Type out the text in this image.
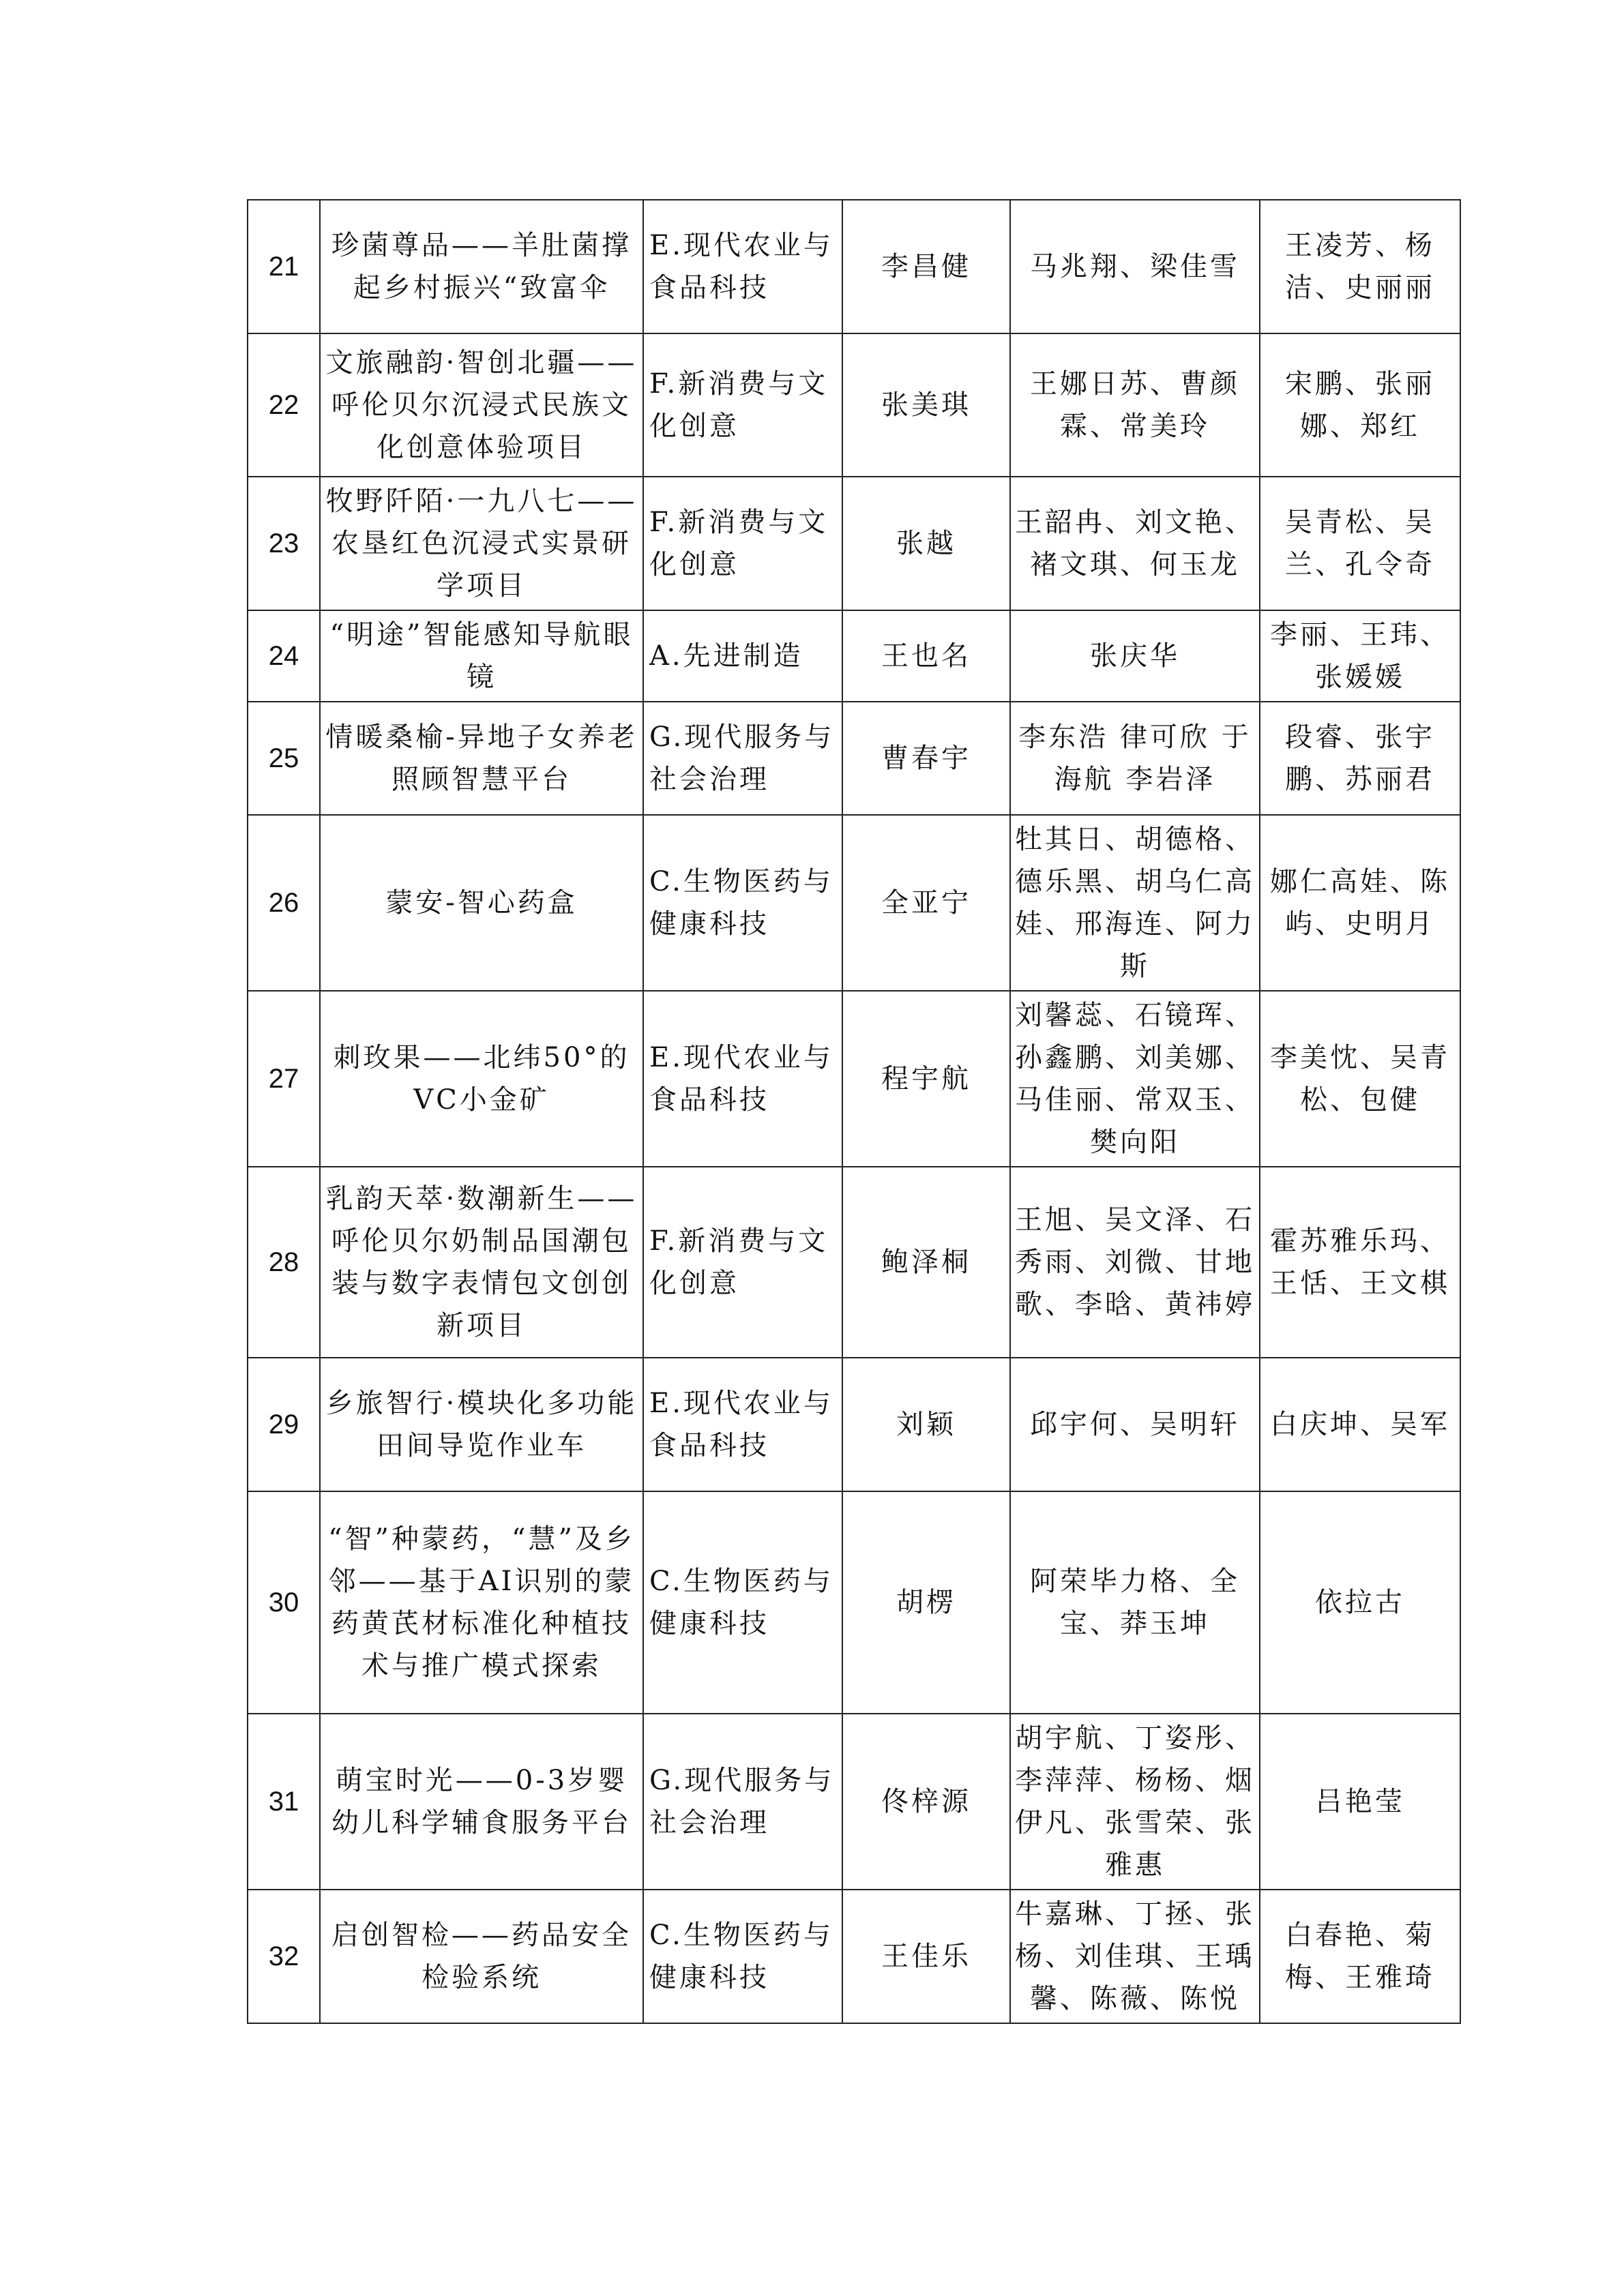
21	珍菌尊品——羊肚菌撑起乡村振兴“致富伞	E.现代农业与食品科技	李昌健	马兆翔、梁佳雪	王凌芳、杨洁、史丽丽
22	文旅融韵·智创北疆——呼伦贝尔沉浸式民族文化创意体验项目	F.新消费与文化创意	张美琪	王娜日苏、曹颜霖、常美玲	宋鹏、张丽娜、郑红
23	牧野阡陌·一九八七——农垦红色沉浸式实景研学项目	F.新消费与文化创意	张越	王韶冉、刘文艳、褚文琪、何玉龙	吴青松、吴兰、孔令奇
24	“明途”智能感知导航眼镜	A.先进制造	王也名	张庆华	李丽、王玮、张媛媛
25	情暖桑榆-异地子女养老照顾智慧平台	G.现代服务与社会治理	曹春宇	李东浩 律可欣 于海航 李岩泽	段睿、张宇鹏、苏丽君
26	蒙安-智心药盒	C.生物医药与健康科技	全亚宁	牡其日、胡德格、德乐黑、胡乌仁高娃、邢海连、阿力斯	娜仁高娃、陈屿、史明月
27	刺玫果——北纬50°的VC小金矿	E.现代农业与食品科技	程宇航	刘馨蕊、石镜珲、孙鑫鹏、刘美娜、马佳丽、常双玉、樊向阳	李美忱、吴青松、包健
28	乳韵天萃·数潮新生——呼伦贝尔奶制品国潮包装与数字表情包文创创新项目	F.新消费与文化创意	鲍泽桐	王旭、吴文泽、石秀雨、刘微、甘地歌、李晗、黄祎婷	霍苏雅乐玛、王恬、王文棋
29	乡旅智行·模块化多功能田间导览作业车	E.现代农业与食品科技	刘颖	邱宇何、吴明轩	白庆坤、吴军
30	“智”种蒙药，“慧”及乡邻——基于AI识别的蒙药黄芪材标准化种植技术与推广模式探索	C.生物医药与健康科技	胡楞	阿荣毕力格、全宝、莽玉坤	依拉古
31	萌宝时光——0-3岁婴幼儿科学辅食服务平台	G.现代服务与社会治理	佟梓源	胡宇航、丁姿彤、李萍萍、杨杨、烟伊凡、张雪荣、张雅惠	吕艳莹
32	启创智检——药品安全检验系统	C.生物医药与健康科技	王佳乐	牛嘉琳、丁拯、张杨、刘佳琪、王瑀馨、陈薇、陈悦	白春艳、菊梅、王雅琦
